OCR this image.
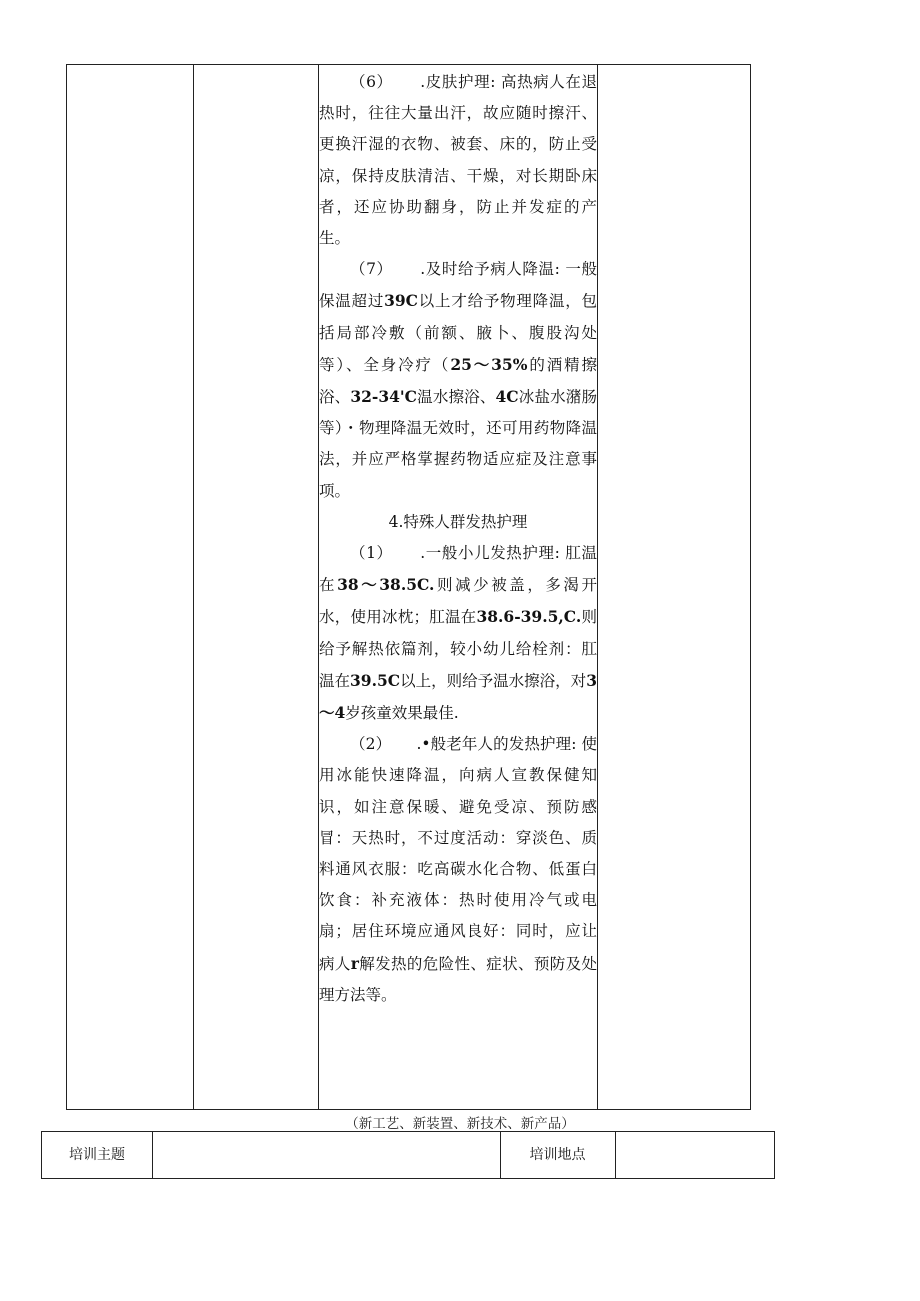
（6） .皮肤护理: 高热病人在退热时，往往大量出汗，故应随时擦汗、更换汗湿的衣物、被套、床的，防止受凉，保持皮肤清洁、干燥，对长期卧床者，还应协助翻身，防止并发症的产生。

（7） .及时给予病人降温: 一般保温超过39C以上才给予物理降温，包括局部冷敷（前额、腋卜、腹股沟处等）、全身冷疗（25～35%的酒精擦浴、32-34'C温水擦浴、4C冰盐水潴肠等）・物理降温无效时，还可用药物降温法，并应严格掌握药物适应症及注意事项。

4.特殊人群发热护理

（1） .一般小儿发热护理: 肛温在38～38.5C.则减少被盖，多渴开水，使用冰枕；肛温在38.6-39.5,C.则给予解热依篇剂，较小幼儿给栓剂：肛温在39.5C以上，则给予温水擦浴，对3～4岁孩童效果最佳.

（2） .•般老年人的发热护理: 使用冰能快速降温，向病人宣教保健知识，如注意保暖、避免受凉、预防感冒：天热时，不过度活动：穿淡色、质料通风衣服：吃高碳水化合物、低蛋白饮食：补充液体：热时使用冷气或电扇；居住环境应通风良好：同时，应让病人r解发热的危险性、症状、预防及处理方法等。

（新工艺、新装置、新技术、新产品）
培训主题	培训地点
